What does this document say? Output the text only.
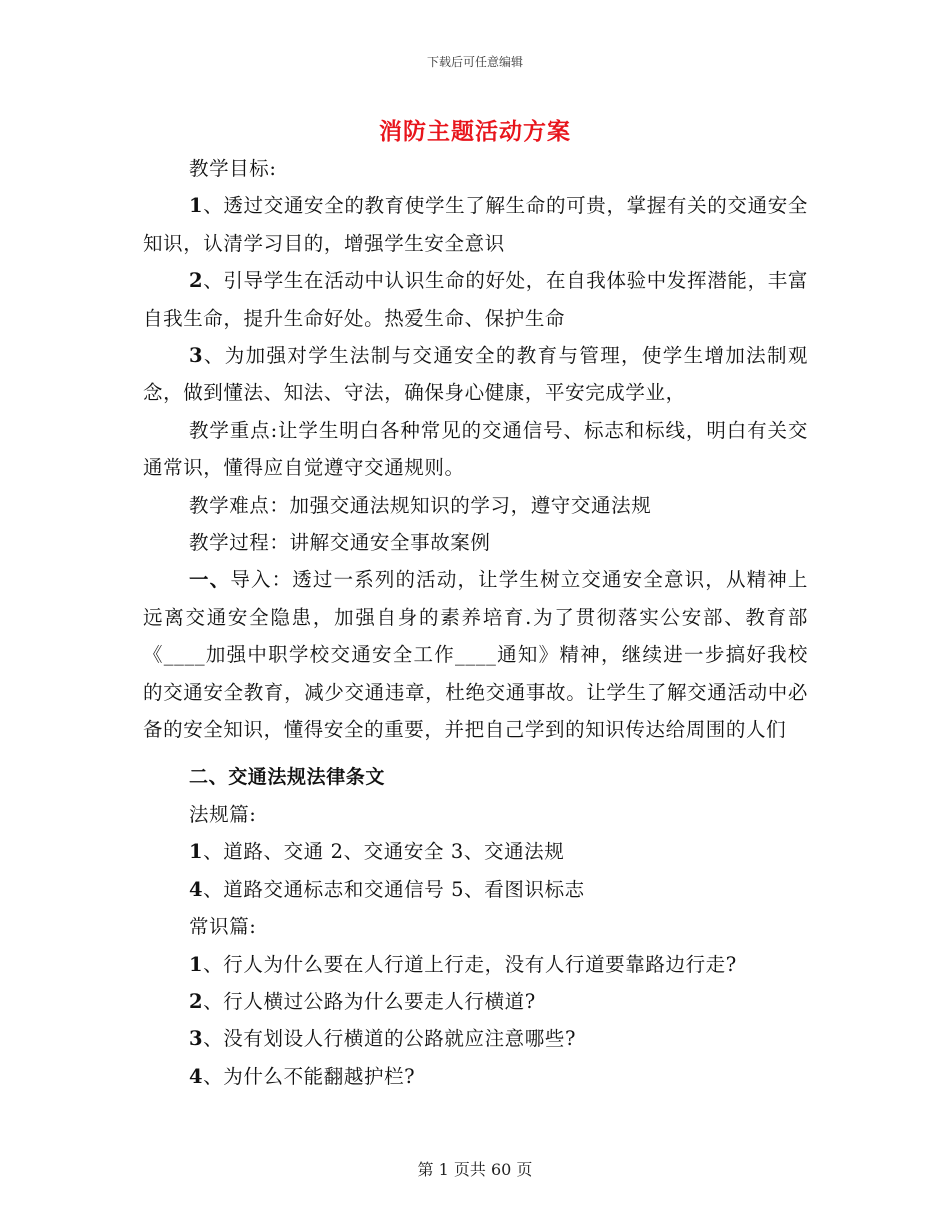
下载后可任意编辑
消防主题活动方案

教学目标:

1、透过交通安全的教育使学生了解生命的可贵，掌握有关的交通安全知识，认清学习目的，增强学生安全意识

2、引导学生在活动中认识生命的好处，在自我体验中发挥潜能，丰富自我生命，提升生命好处。热爱生命、保护生命

3、为加强对学生法制与交通安全的教育与管理，使学生增加法制观念，做到懂法、知法、守法，确保身心健康，平安完成学业，

教学重点:让学生明白各种常见的交通信号、标志和标线，明白有关交通常识，懂得应自觉遵守交通规则。

教学难点：加强交通法规知识的学习，遵守交通法规

教学过程：讲解交通安全事故案例

一、导入：透过一系列的活动，让学生树立交通安全意识，从精神上远离交通安全隐患，加强自身的素养培育.为了贯彻落实公安部、教育部《____加强中职学校交通安全工作____通知》精神，继续进一步搞好我校的交通安全教育，减少交通违章，杜绝交通事故。让学生了解交通活动中必备的安全知识，懂得安全的重要，并把自己学到的知识传达给周围的人们

二、交通法规法律条文

法规篇:

1、道路、交通 2、交通安全 3、交通法规

4、道路交通标志和交通信号 5、看图识标志

常识篇:

1、行人为什么要在人行道上行走，没有人行道要靠路边行走?

2、行人横过公路为什么要走人行横道?

3、没有划设人行横道的公路就应注意哪些?

4、为什么不能翻越护栏?

第 1 页共 60 页
